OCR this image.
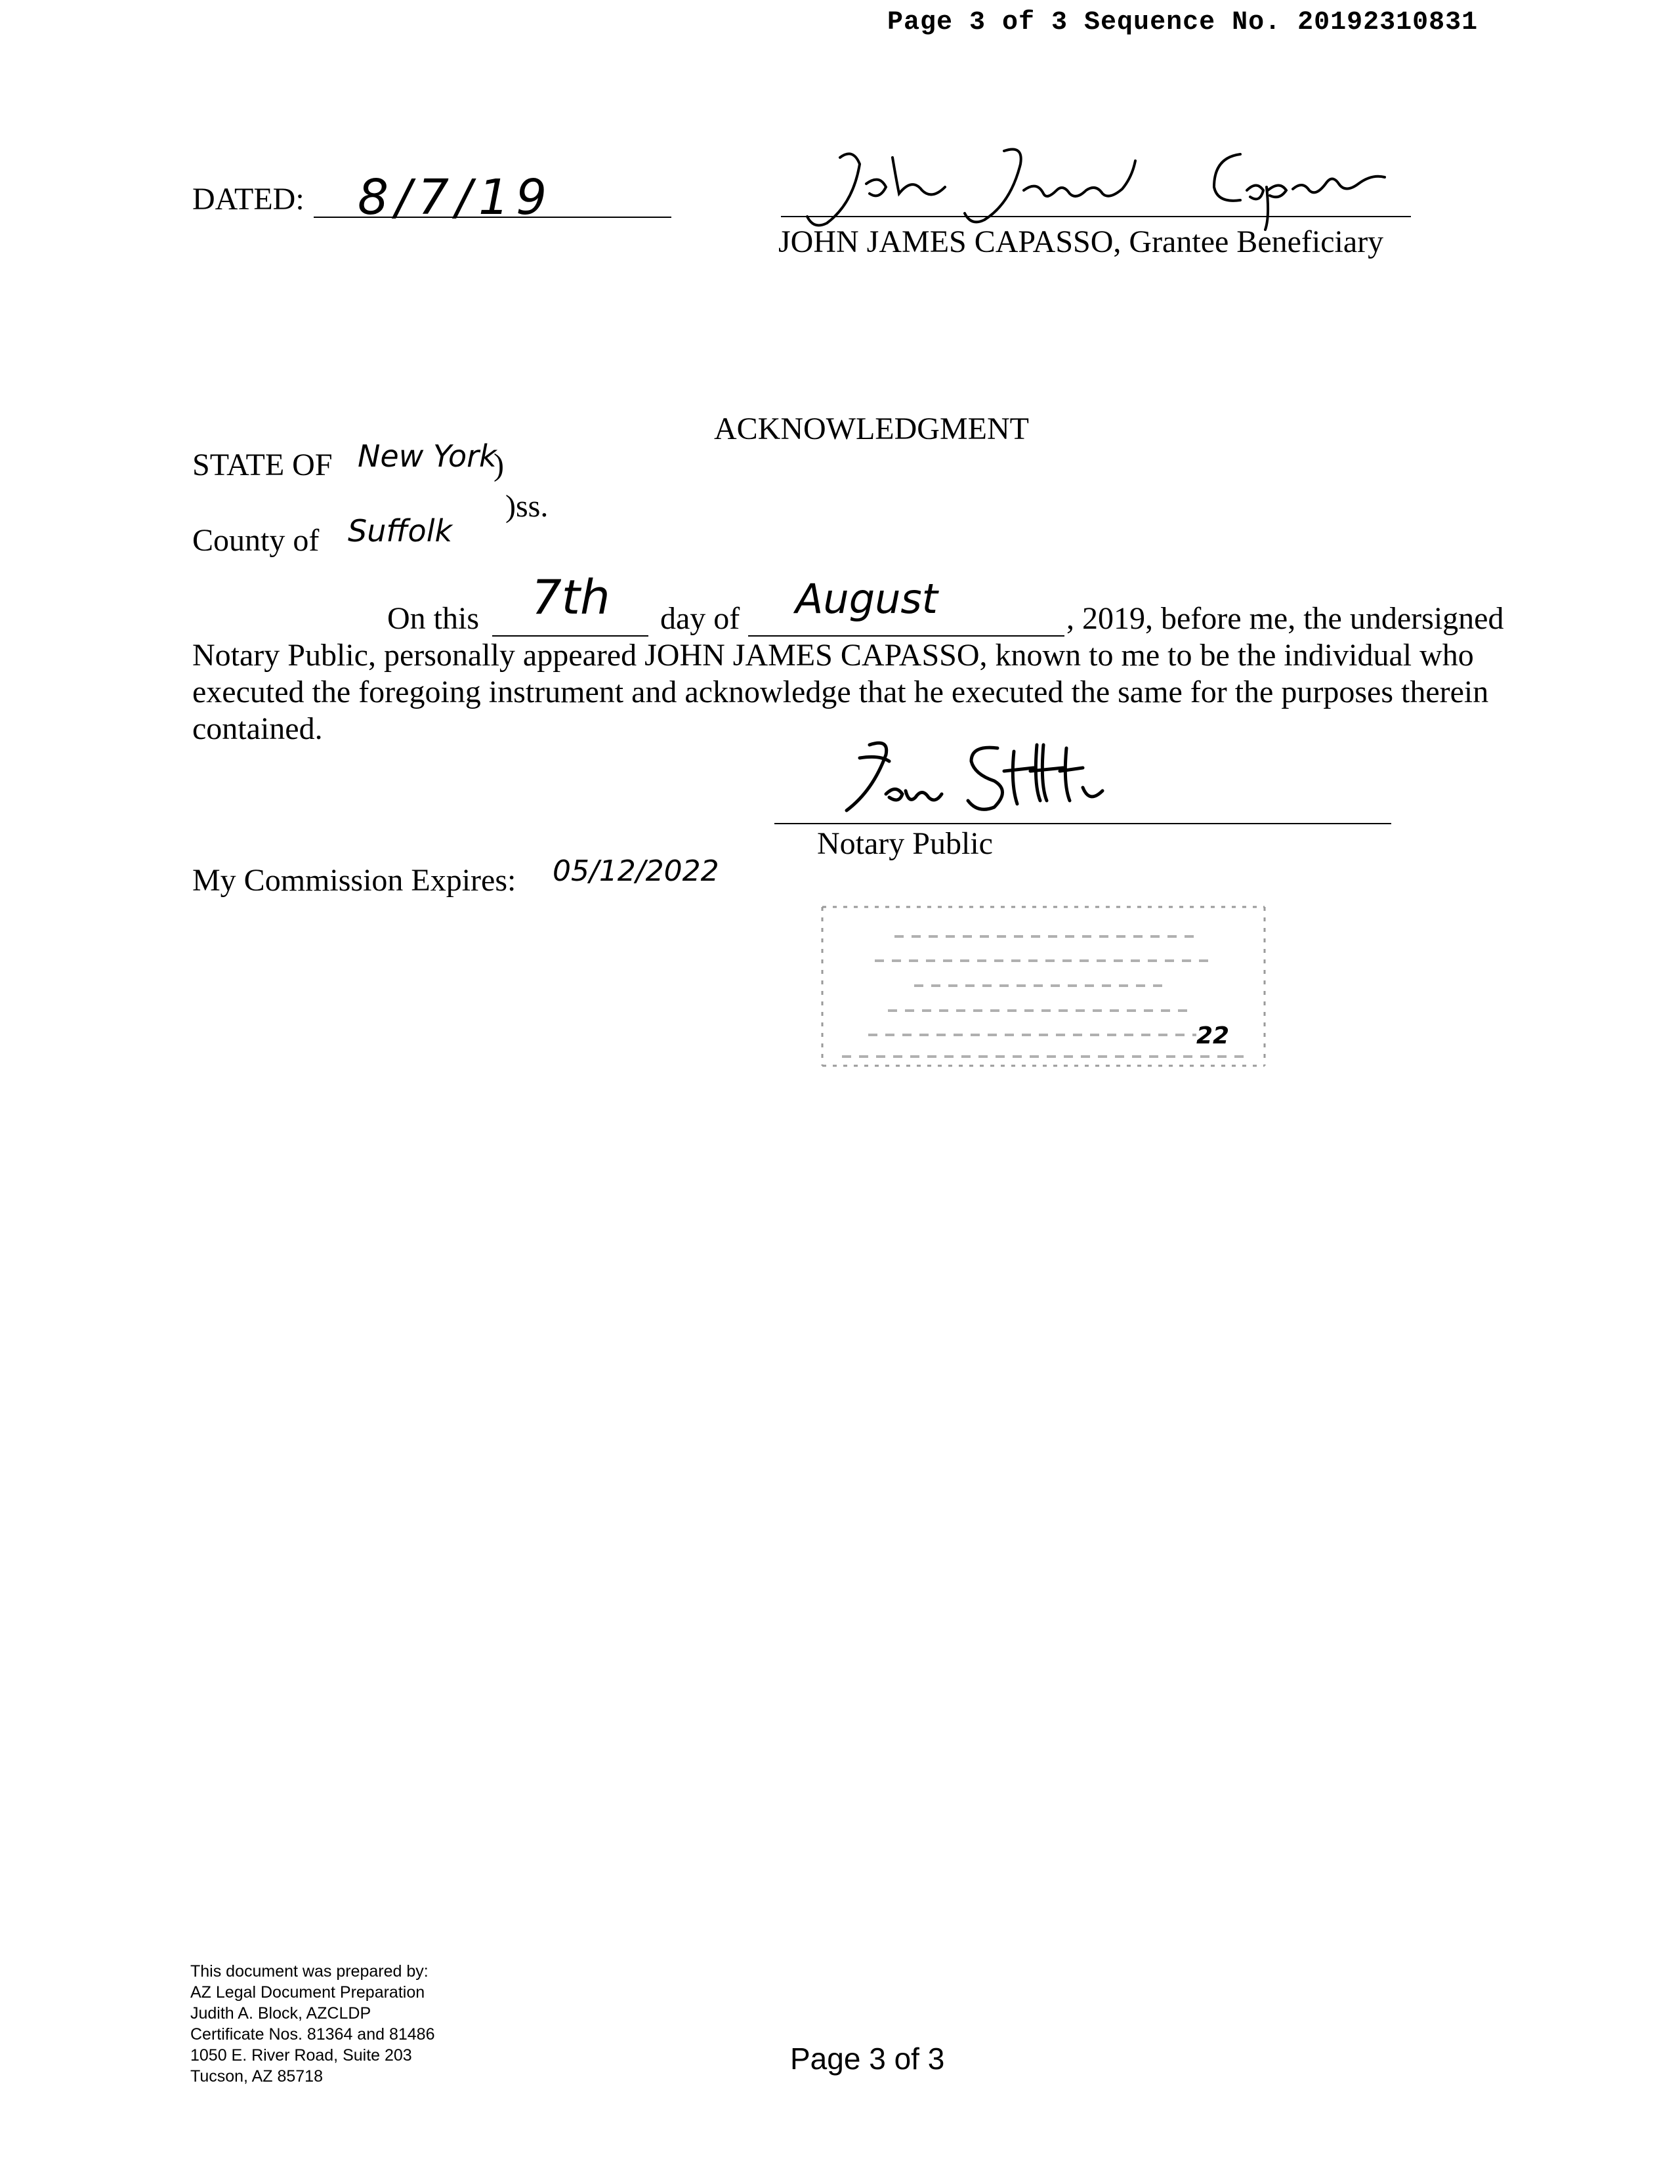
Page 3 of 3 Sequence No. 20192310831
DATED: 8/7/19
JOHN JAMES CAPASSO, Grantee Beneficiary
ACKNOWLEDGMENT
STATE OF New York
)
)ss.
County of Suffolk
7th	August
On this	day of	, 2019, before me, the undersigned
Notary Public, personally appeared JOHN JAMES CAPASSO, known to me to be the individual who
executed the foregoing instrument and acknowledge that he executed the same for the purposes therein
contained.
Notary Public
My Commission Expires: 05/12/2022
22
This document was prepared by:
AZ Legal Document Preparation
Judith A. Block, AZCLDP
Certificate Nos. 81364 and 81486
1050 E. River Road, Suite 203
Tucson, AZ 85718
Page 3 of 3
